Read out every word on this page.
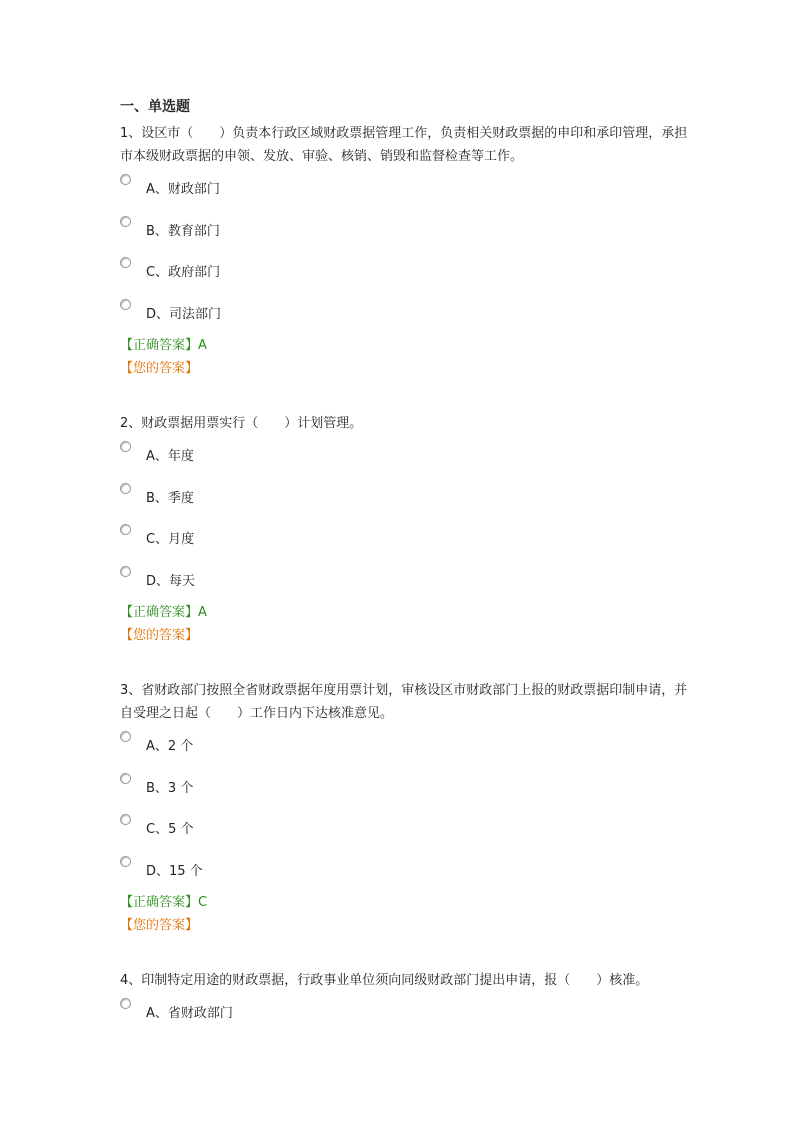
一、单选题
1、设区市（　　）负责本行政区域财政票据管理工作，负责相关财政票据的申印和承印管理，承担市本级财政票据的申领、发放、审验、核销、销毁和监督检查等工作。
A、财政部门
B、教育部门
C、政府部门
D、司法部门
【正确答案】A
【您的答案】
2、财政票据用票实行（　　）计划管理。
A、年度
B、季度
C、月度
D、每天
【正确答案】A
【您的答案】
3、省财政部门按照全省财政票据年度用票计划，审核设区市财政部门上报的财政票据印制申请，并自受理之日起（　　）工作日内下达核准意见。
A、2 个
B、3 个
C、5 个
D、15 个
【正确答案】C
【您的答案】
4、印制特定用途的财政票据，行政事业单位须向同级财政部门提出申请，报（　　）核准。
A、省财政部门
